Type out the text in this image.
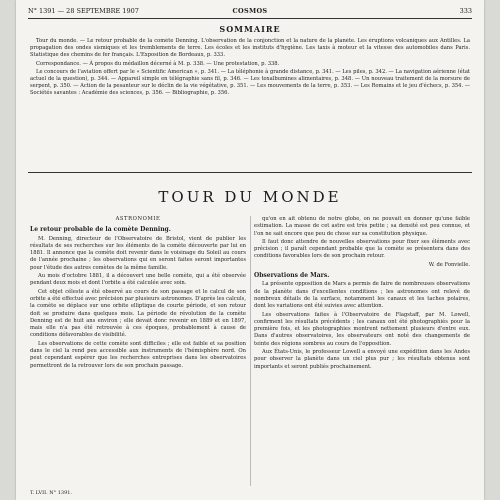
N° 1391 — 28 SEPTEMBRE 1907	COSMOS	333
SOMMAIRE

Tour du monde. — Le retour probable de la comète Denning. L'observation de la conjonction et la nature de la planète. Les éruptions volcaniques aux Antilles. La propagation des ondes sismiques et les tremblements de terre. Les écoles et les instituts d'hygiène. Les taxis à moteur et la vitesse des automobiles dans Paris. Statistique des chemins de fer français. L'Exposition de Bordeaux, p. 333.

Correspondance. — À propos du médaillon décerné à M. p. 338. — Une protestation, p. 338.

Le concours de l'aviation offert par le « Scientific American », p. 341. — La téléphonie à grande distance, p. 341. — Les piles, p. 342. — La navigation aérienne (état actuel de la question), p. 344. — Appareil simple en télégraphie sans fil, p. 346. — Les toxalbumines alimentaires, p. 348. — Un nouveau traitement de la morsure de serpent, p. 350. — Action de la pesanteur sur le déclin de la vie végétative, p. 351. — Les mouvements de la terre, p. 353. — Les Romains et le jeu d'échecs, p. 354. — Sociétés savantes : Académie des sciences, p. 356. — Bibliographie, p. 356.

TOUR DU MONDE

ASTRONOMIE

Le retour probable de la comète Denning.

M. Denning, directeur de l'Observatoire de Bristol, vient de publier les résultats de ses recherches sur les éléments de la comète découverte par lui en 1881. Il annonce que la comète doit revenir dans le voisinage du Soleil au cours de l'année prochaine ; les observations qui en seront faites seront importantes pour l'étude des autres comètes de la même famille.

Au mois d'octobre 1881, il a découvert une belle comète, qui a été observée pendant deux mois et dont l'orbite a été calculée avec soin.

Cet objet céleste a été observé au cours de son passage et le calcul de son orbite a été effectué avec précision par plusieurs astronomes. D'après les calculs, la comète se déplace sur une orbite elliptique de courte période, et son retour doit se produire dans quelques mois. La période de révolution de la comète Denning est de huit ans environ ; elle devait donc revenir en 1889 et en 1897, mais elle n'a pas été retrouvée à ces époques, probablement à cause de conditions défavorables de visibilité.

Les observations de cette comète sont difficiles ; elle est faible et sa position dans le ciel la rend peu accessible aux instruments de l'hémisphère nord. On peut cependant espérer que les recherches entreprises dans les observatoires permettront de la retrouver lors de son prochain passage.

qu'on en ait obtenu de notre globe, on ne pouvait en donner qu'une faible estimation. La masse de cet astre est très petite ; sa densité est peu connue, et l'on ne sait encore que peu de chose sur sa constitution physique.

Il faut donc attendre de nouvelles observations pour fixer ses éléments avec précision ; il paraît cependant probable que la comète se présentera dans des conditions favorables lors de son prochain retour.

W. de Fonvielle.

Observations de Mars.

La présente opposition de Mars a permis de faire de nombreuses observations de la planète dans d'excellentes conditions ; les astronomes ont relevé de nombreux détails de la surface, notamment les canaux et les taches polaires, dont les variations ont été suivies avec attention.

Les observations faites à l'Observatoire de Flagstaff, par M. Lowell, confirment les résultats précédents ; les canaux ont été photographiés pour la première fois, et les photographies montrent nettement plusieurs d'entre eux. Dans d'autres observatoires, les observateurs ont noté des changements de teinte des régions sombres au cours de l'opposition.

Aux États-Unis, le professeur Lowell a envoyé une expédition dans les Andes pour observer la planète dans un ciel plus pur ; les résultats obtenus sont importants et seront publiés prochainement.

T. LVII. N° 1391.
